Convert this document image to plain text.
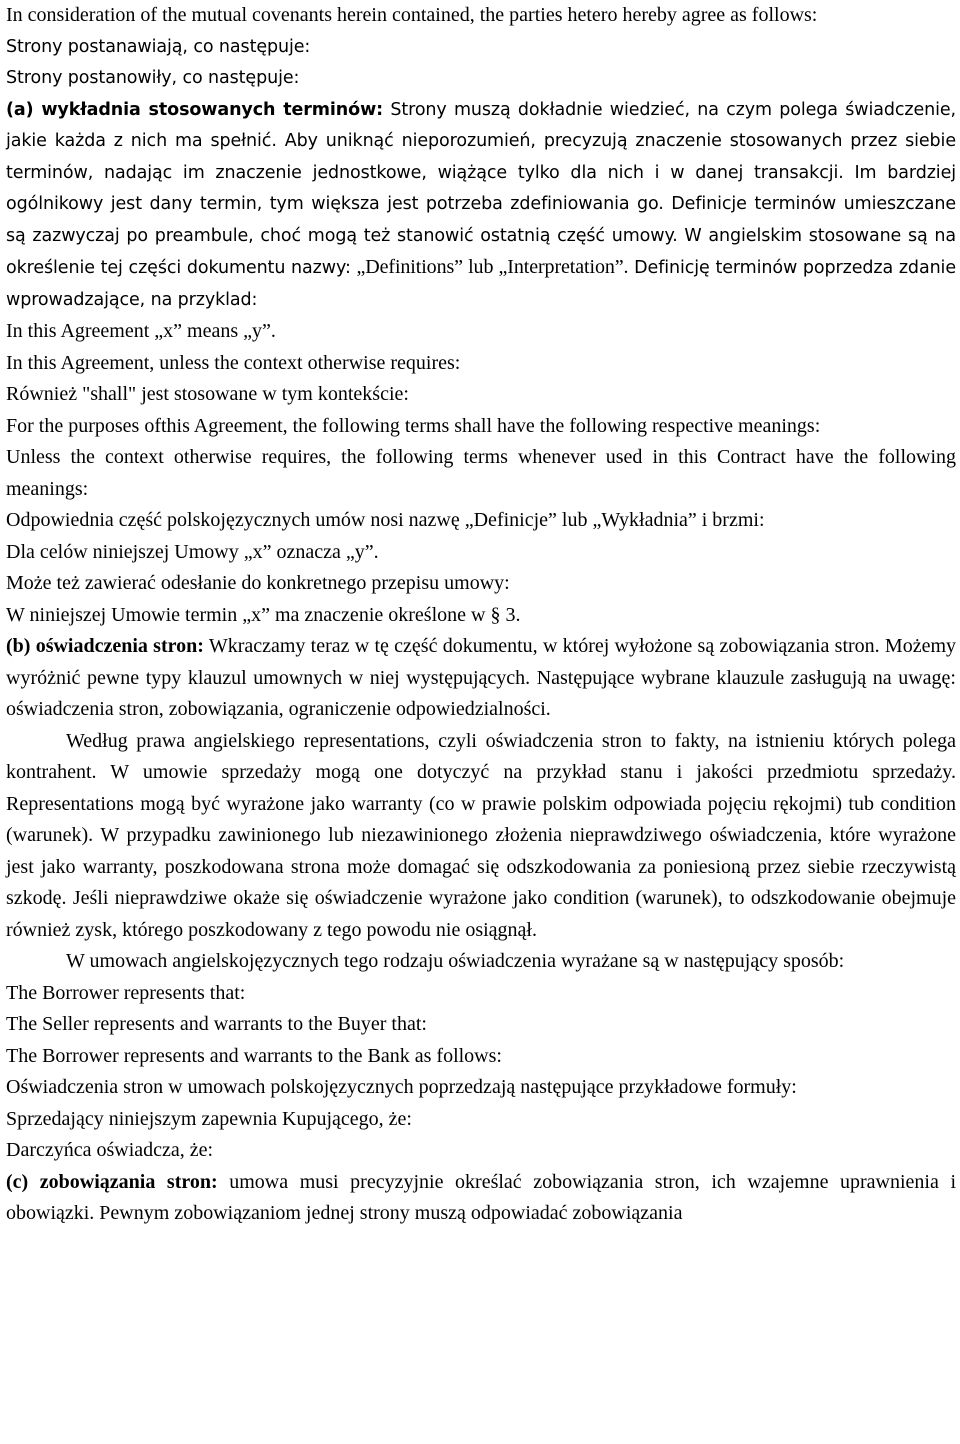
In consideration of the mutual covenants herein contained, the parties hetero hereby agree as follows:

Strony postanawiają, co następuje:

Strony postanowiły, co następuje:

(a) wykładnia stosowanych terminów: Strony muszą dokładnie wiedzieć, na czym polega świadczenie, jakie każda z nich ma spełnić. Aby uniknąć nieporozumień, precyzują znaczenie stosowanych przez siebie terminów, nadając im znaczenie jednostkowe, wiążące tylko dla nich i w danej transakcji. Im bardziej ogólnikowy jest dany termin, tym większa jest potrzeba zdefiniowania go. Definicje terminów umieszczane są zazwyczaj po preambule, choć mogą też stanowić ostatnią część umowy. W angielskim stosowane są na określenie tej części dokumentu nazwy: „Definitions” lub „Interpretation”. Definicję terminów poprzedza zdanie wprowadzające, na przyklad:

In this Agreement „x” means „y”.

In this Agreement, unless the context otherwise requires:

Również "shall" jest stosowane w tym kontekście:

For the purposes ofthis Agreement, the following terms shall have the following respective meanings:

Unless the context otherwise requires, the following terms whenever used in this Contract have the following meanings:

Odpowiednia część polskojęzycznych umów nosi nazwę „Definicje” lub „Wykładnia” i brzmi:

Dla celów niniejszej Umowy „x” oznacza „y”.

Może też zawierać odesłanie do konkretnego przepisu umowy:

W niniejszej Umowie termin „x” ma znaczenie określone w § 3.

(b) oświadczenia stron: Wkraczamy teraz w tę część dokumentu, w której wyłożone są zobowiązania stron. Możemy wyróżnić pewne typy klauzul umownych w niej występujących. Następujące wybrane klauzule zasługują na uwagę: oświadczenia stron, zobowiązania, ograniczenie odpowiedzialności.

Według prawa angielskiego representations, czyli oświadczenia stron to fakty, na istnieniu których polega kontrahent. W umowie sprzedaży mogą one dotyczyć na przykład stanu i jakości przedmiotu sprzedaży. Representations mogą być wyrażone jako warranty (co w prawie polskim odpowiada pojęciu rękojmi) tub condition (warunek). W przypadku zawinionego lub niezawinionego złożenia nieprawdziwego oświadczenia, które wyrażone jest jako warranty, poszkodowana strona może domagać się odszkodowania za poniesioną przez siebie rzeczywistą szkodę. Jeśli nieprawdziwe okaże się oświadczenie wyrażone jako condition (warunek), to odszkodowanie obejmuje również zysk, którego poszkodowany z tego powodu nie osiągnął.

W umowach angielskojęzycznych tego rodzaju oświadczenia wyrażane są w następujący sposób:

The Borrower represents that:

The Seller represents and warrants to the Buyer that:

The Borrower represents and warrants to the Bank as follows:

Oświadczenia stron w umowach polskojęzycznych poprzedzają następujące przykładowe formuły:

Sprzedający niniejszym zapewnia Kupującego, że:

Darczyńca oświadcza, że:

(c) zobowiązania stron: umowa musi precyzyjnie określać zobowiązania stron, ich wzajemne uprawnienia i obowiązki. Pewnym zobowiązaniom jednej strony muszą odpowiadać zobowiązania
